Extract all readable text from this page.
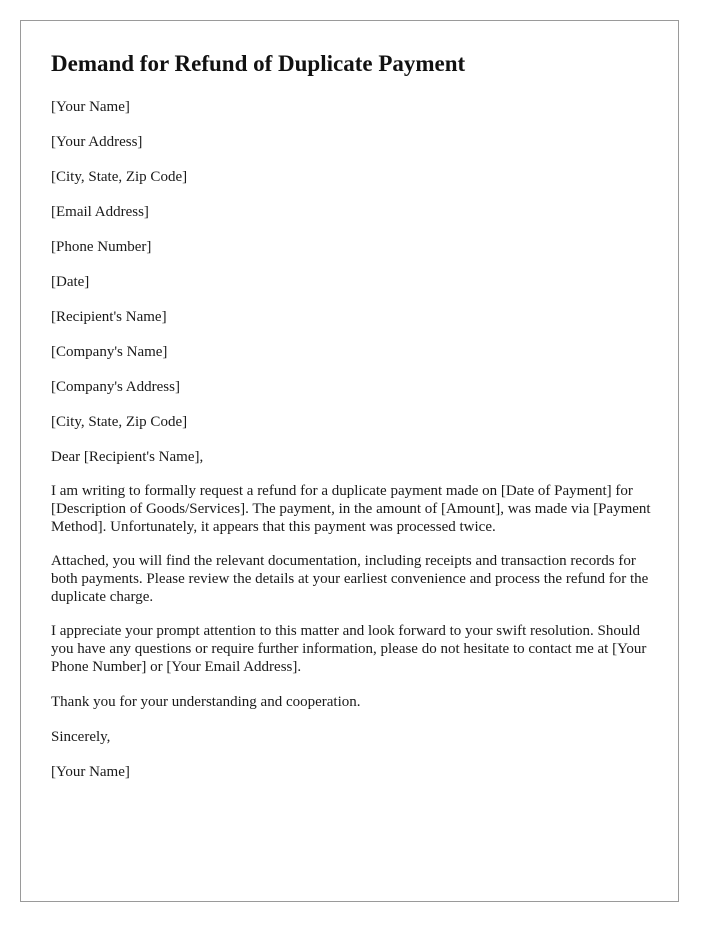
Demand for Refund of Duplicate Payment
[Your Name]
[Your Address]
[City, State, Zip Code]
[Email Address]
[Phone Number]
[Date]
[Recipient's Name]
[Company's Name]
[Company's Address]
[City, State, Zip Code]
Dear [Recipient's Name],
I am writing to formally request a refund for a duplicate payment made on [Date of Payment] for [Description of Goods/Services]. The payment, in the amount of [Amount], was made via [Payment Method]. Unfortunately, it appears that this payment was processed twice.
Attached, you will find the relevant documentation, including receipts and transaction records for both payments. Please review the details at your earliest convenience and process the refund for the duplicate charge.
I appreciate your prompt attention to this matter and look forward to your swift resolution. Should you have any questions or require further information, please do not hesitate to contact me at [Your Phone Number] or [Your Email Address].
Thank you for your understanding and cooperation.
Sincerely,
[Your Name]
